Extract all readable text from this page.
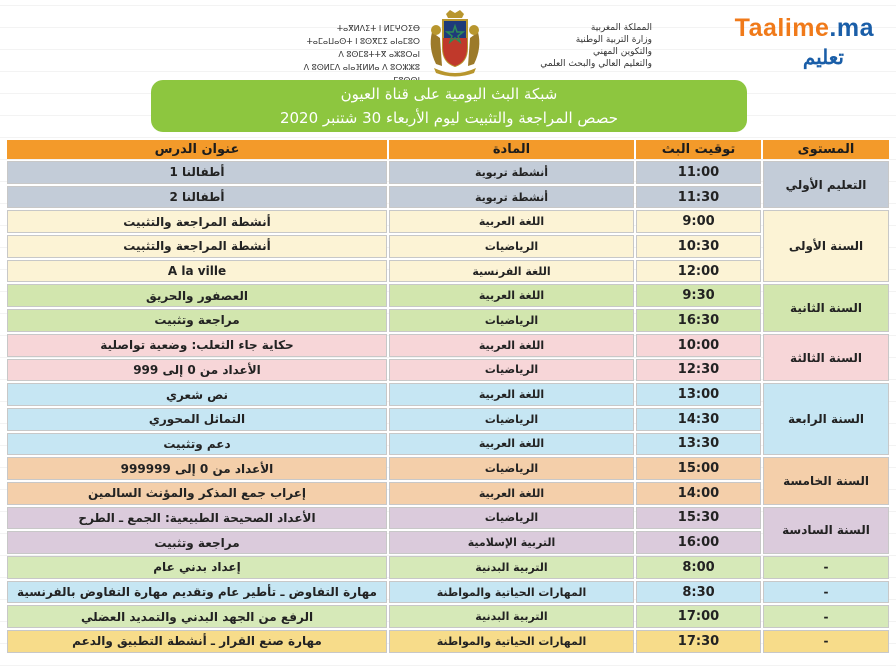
ⵜⴰⴳⵍⴷⵉⵜ ⵏ ⵍⵎⵖⵔⵉⴱ
ⵜⴰⵎⴰⵡⴰⵙⵜ ⵏ ⵓⵙⴳⵎⵉ ⴰⵏⴰⵎⵓⵔ
ⴷ ⵓⵙⵎⵓⵜⵜⴳ ⴰⵣⵓⵔⴰⵏ
ⴷ ⵓⵙⵍⵎⴷ ⴰⵏⴰⴼⵍⵍⴰ ⴷ ⵓⵔⵣⵣⵓ
المملكة المغربية
وزارة التربية الوطنية
والتكوين المهني
والتعليم العالي والبحث العلمي
Taalime.ma
تعليم
شبكة البث اليومية على قناة العيون
حصص المراجعة والتثبيت ليوم الأربعاء 30 شتنبر 2020
عنوان الدرس	المادة	توقيت البث	المستوى
أطفالنا 1	أنشطة تربوية	11:00	التعليم الأولي
أطفالنا 2	أنشطة تربوية	11:30	
أنشطة المراجعة والتثبيت	اللغة العربية	9:00	السنة الأولى
أنشطة المراجعة والتثبيت	الرياضيات	10:30	
A la ville	اللغة الفرنسية	12:00	
العصفور والحريق	اللغة العربية	9:30	السنة الثانية
مراجعة وتثبيت	الرياضيات	16:30	
حكاية جاء الثعلب: وضعية تواصلية	اللغة العربية	10:00	السنة الثالثة
الأعداد من 0 إلى 999	الرياضيات	12:30	
نص شعري	اللغة العربية	13:00	السنة الرابعة
التماثل المحوري	الرياضيات	14:30	
دعم وتثبيت	اللغة العربية	13:30	
الأعداد من 0 إلى 999999	الرياضيات	15:00	السنة الخامسة
إعراب جمع المذكر والمؤنث السالمين	اللغة العربية	14:00	
الأعداد الصحيحة الطبيعية: الجمع ـ الطرح	الرياضيات	15:30	السنة السادسة
مراجعة وتثبيت	التربية الإسلامية	16:00	
إعداد بدني عام	التربية البدنية	8:00	-
مهارة التفاوض ـ تأطير عام وتقديم مهارة التفاوض بالفرنسية	المهارات الحياتية والمواطنة	8:30	-
الرفع من الجهد البدني والتمديد العضلي	التربية البدنية	17:00	-
مهارة صنع القرار ـ أنشطة التطبيق والدعم	المهارات الحياتية والمواطنة	17:30	-
